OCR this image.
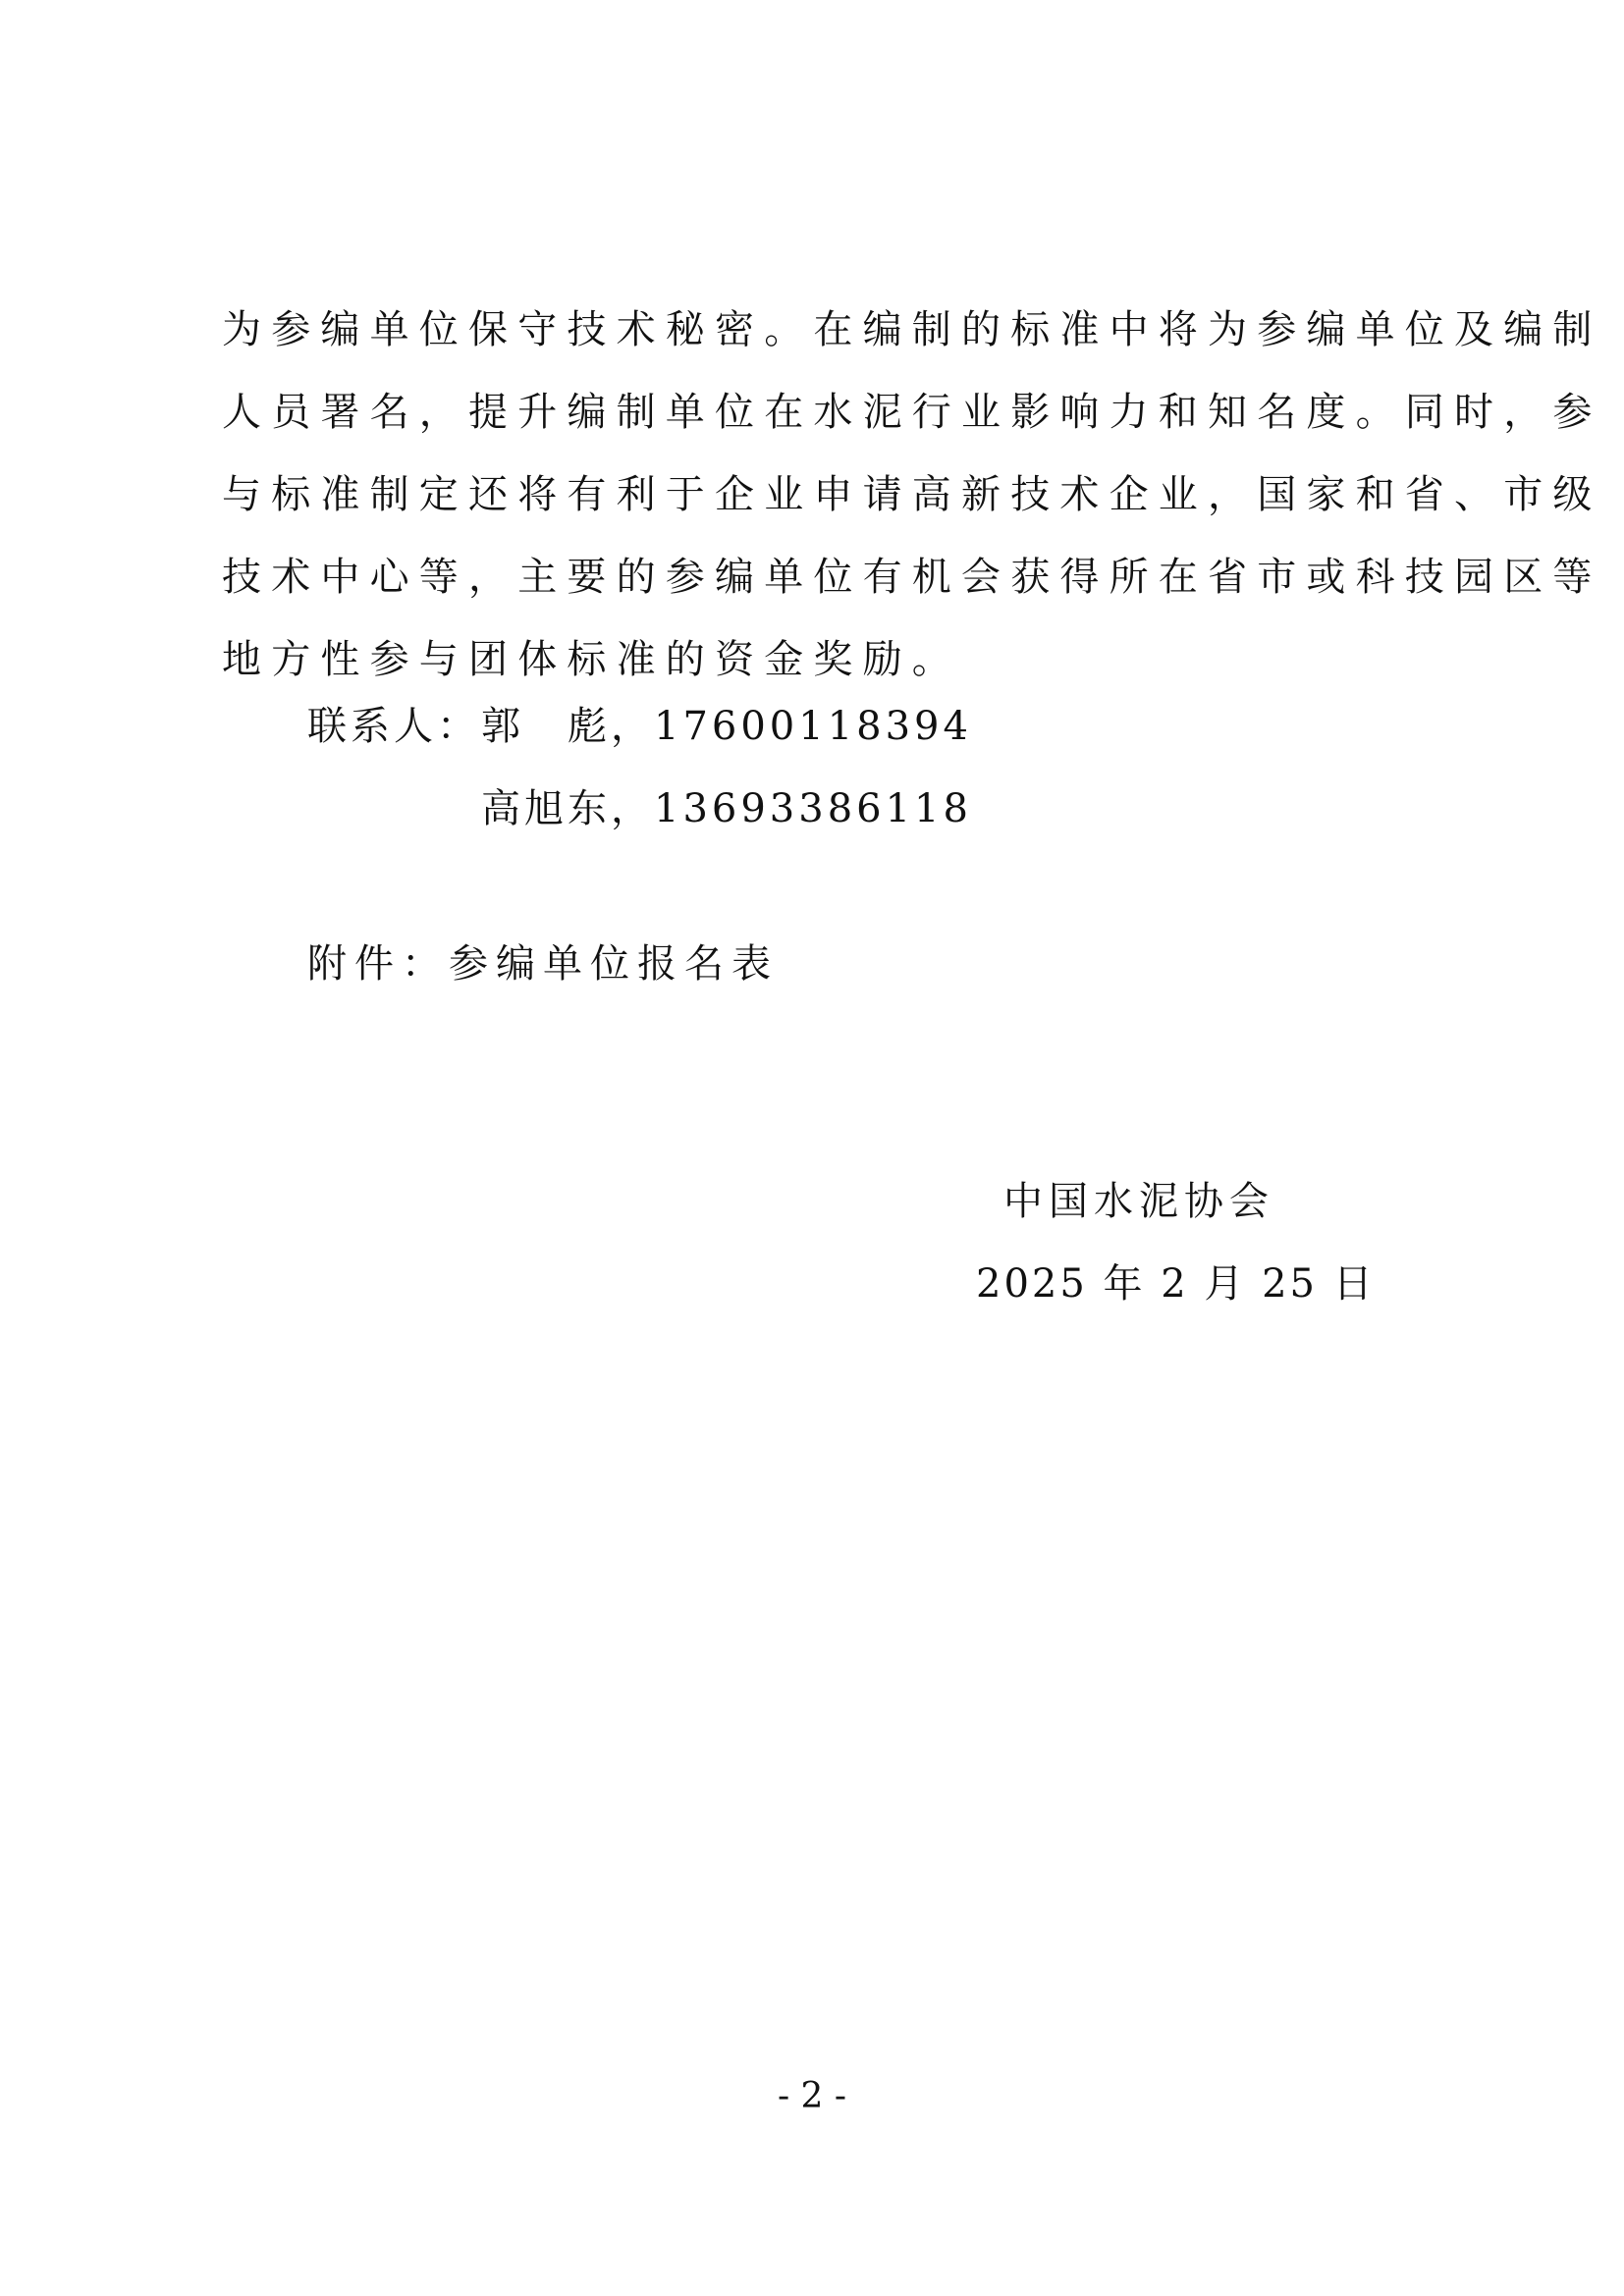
为参编单位保守技术秘密。在编制的标准中将为参编单位及编制
人员署名，提升编制单位在水泥行业影响力和知名度。同时，参
与标准制定还将有利于企业申请高新技术企业，国家和省、市级
技术中心等，主要的参编单位有机会获得所在省市或科技园区等
地方性参与团体标准的资金奖励。
联系人： 郭　彪，17600118394
高旭东，13693386118
附件：参编单位报名表
中国水泥协会
2025 年 2 月 25 日
- 2 -
